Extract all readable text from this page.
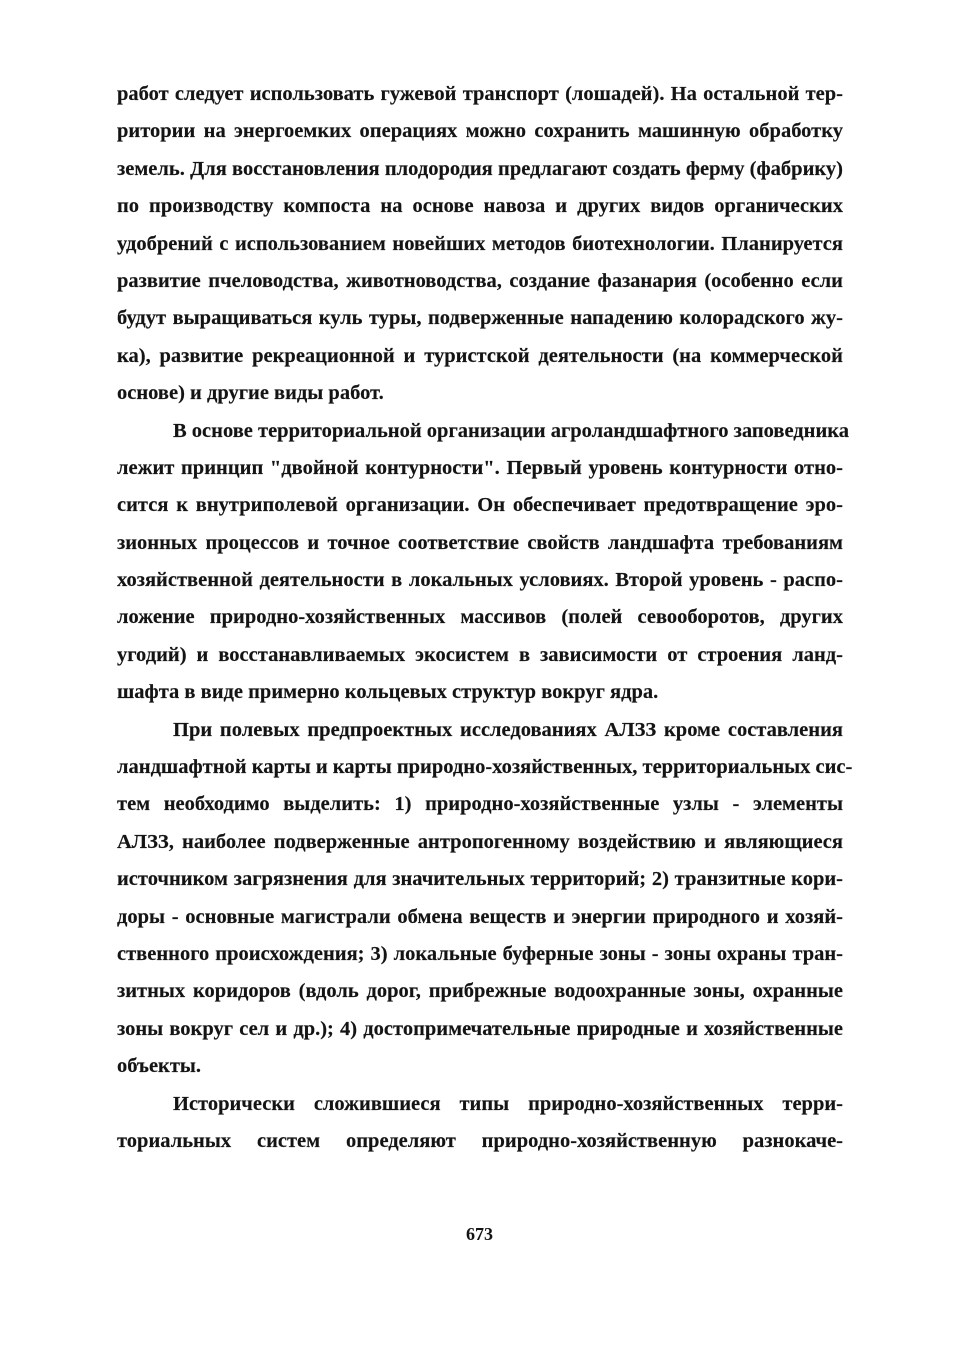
работ следует использовать гужевой транспорт (лошадей). На остальной тер-
ритории на энергоемких операциях можно сохранить машинную обработку
земель. Для восстановления плодородия предлагают создать ферму (фабрику)
по производству компоста на основе навоза и других видов органических
удобрений с использованием новейших методов биотехнологии. Планируется
развитие пчеловодства, животноводства, создание фазанария (особенно если
будут выращиваться куль туры, подверженные нападению колорадского жу-
ка), развитие рекреационной и туристской деятельности (на коммерческой
основе) и другие виды работ.
В основе территориальной организации агроландшафтного заповедника
лежит принцип "двойной контурности". Первый уровень контурности отно-
сится к внутриполевой организации. Он обеспечивает предотвращение эро-
зионных процессов и точное соответствие свойств ландшафта требованиям
хозяйственной деятельности в локальных условиях. Второй уровень - распо-
ложение природно-хозяйственных массивов (полей севооборотов, других
угодий) и восстанавливаемых экосистем в зависимости от строения ланд-
шафта в виде примерно кольцевых структур вокруг ядра.
При полевых предпроектных исследованиях АЛЗЗ кроме составления
ландшафтной карты и карты природно-хозяйственных, территориальных сис-
тем необходимо выделить: 1) природно-хозяйственные узлы - элементы
АЛЗЗ, наиболее подверженные антропогенному воздействию и являющиеся
источником загрязнения для значительных территорий; 2) транзитные кори-
доры - основные магистрали обмена веществ и энергии природного и хозяй-
ственного происхождения; 3) локальные буферные зоны - зоны охраны тран-
зитных коридоров (вдоль дорог, прибрежные водоохранные зоны, охранные
зоны вокруг сел и др.); 4) достопримечательные природные и хозяйственные
объекты.
Исторически сложившиеся типы природно-хозяйственных терри-
ториальных систем определяют природно-хозяйственную разнокаче-
673
